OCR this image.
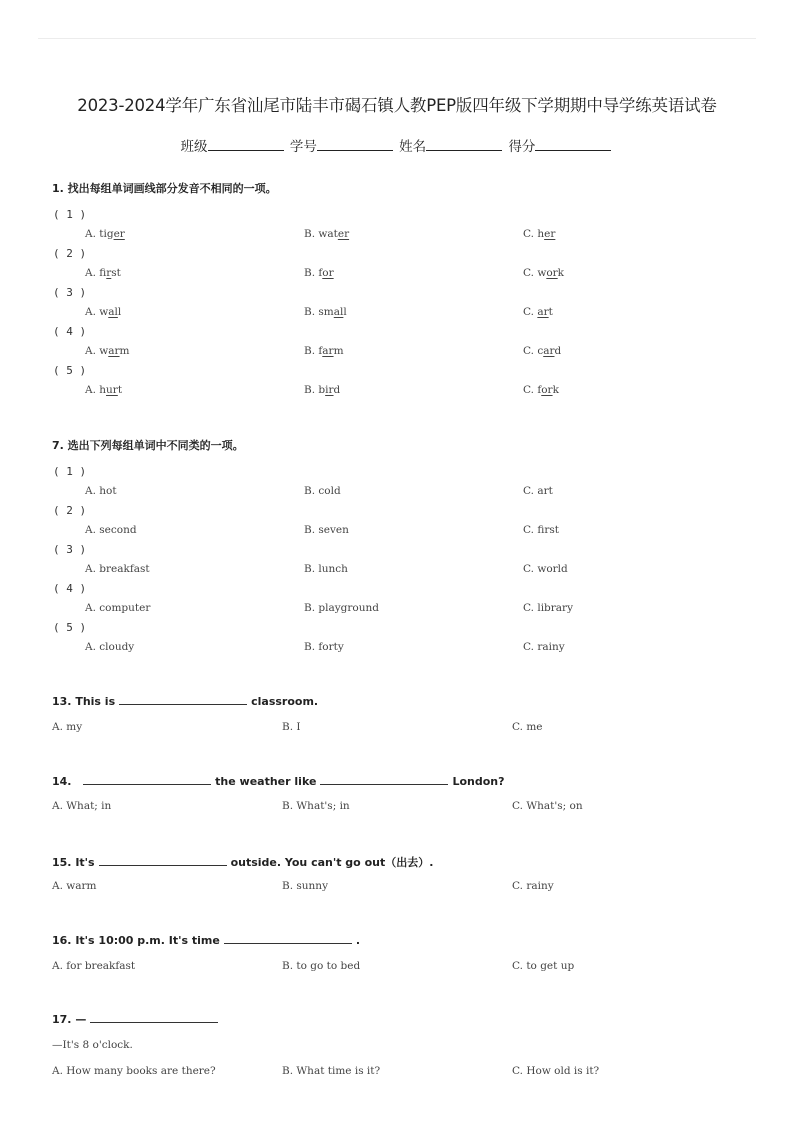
2023-2024学年广东省汕尾市陆丰市碣石镇人教PEP版四年级下学期期中导学练英语试卷
班级	学号	姓名	得分
1. 找出每组单词画线部分发音不相同的一项。
( 1 )
A. tiger	B. water	C. her
( 2 )
A. first	B. for	C. work
( 3 )
A. wall	B. small	C. art
( 4 )
A. warm	B. farm	C. card
( 5 )
A. hurt	B. bird	C. fork
7. 选出下列每组单词中不同类的一项。
( 1 )
A. hot	B. cold	C. art
( 2 )
A. second	B. seven	C. first
( 3 )
A. breakfast	B. lunch	C. world
( 4 )
A. computer	B. playground	C. library
( 5 )
A. cloudy	B. forty	C. rainy
13. This is	classroom.
A. my	B. I	C. me
14.	the weather like	London?
A. What; in	B. What's; in	C. What's; on
15. It's	outside. You can't go out（出去）.
A. warm	B. sunny	C. rainy
16. It's 10:00 p.m. It's time	.
A. for breakfast	B. to go to bed	C. to get up
17. —
—It's 8 o'clock.
A. How many books are there?	B. What time is it?	C. How old is it?
